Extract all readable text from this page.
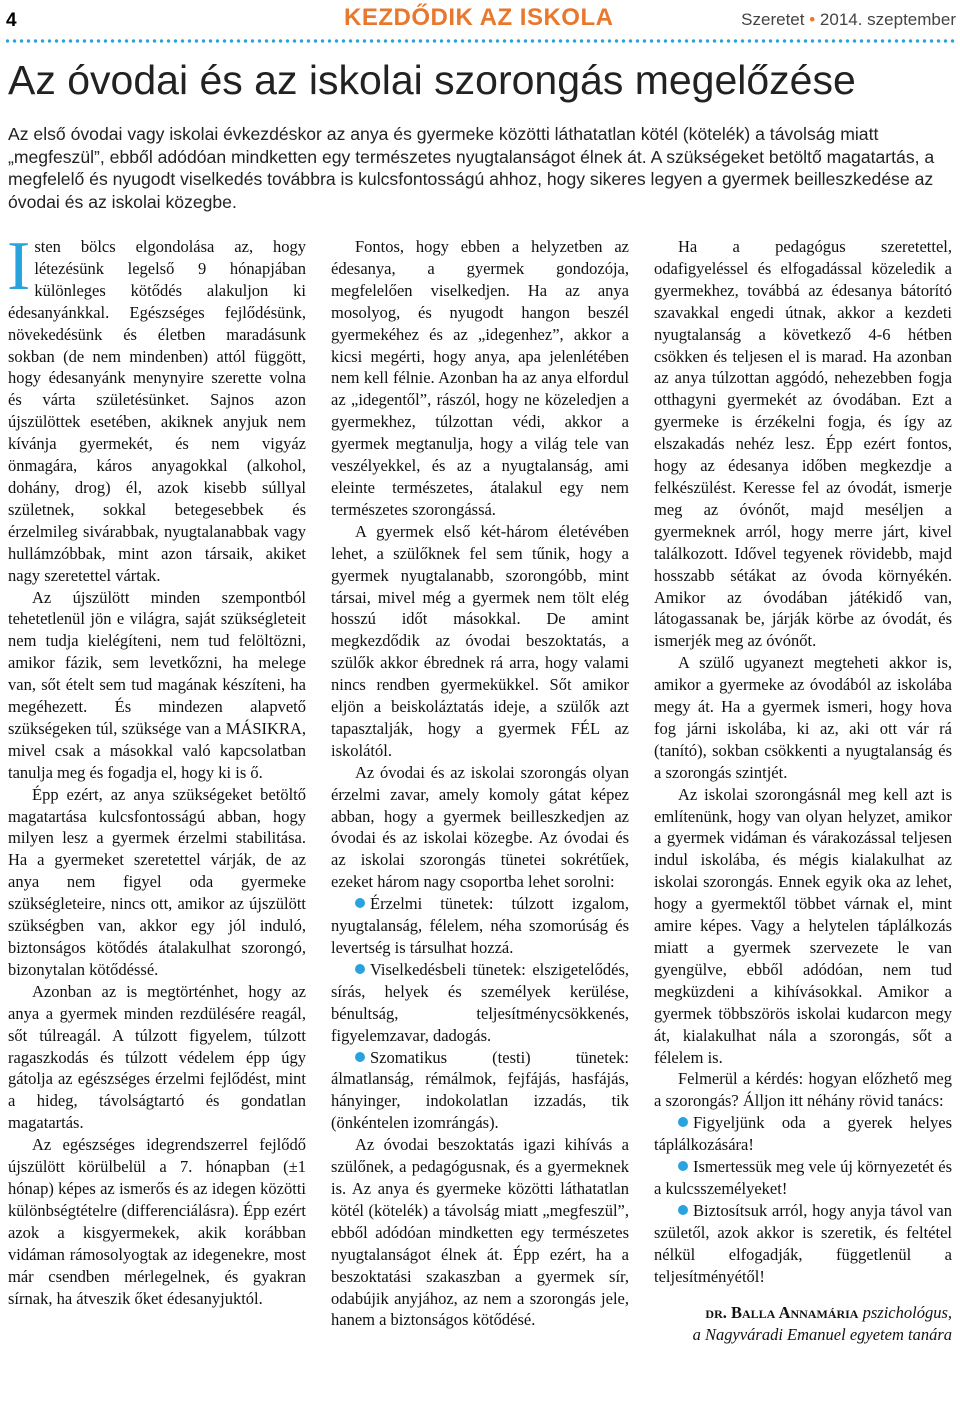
4	KEZDŐDIK AZ ISKOLA	Szeretet • 2014. szeptember
Az óvodai és az iskolai szorongás megelőzése

Az első óvodai vagy iskolai évkezdéskor az anya és gyermeke közötti láthatatlan kötél (kötelék) a távolság miatt „megfeszül”, ebből adódóan mindketten egy természetes nyugtalanságot élnek át. A szükségeket betöltő magatartás, a megfelelő és nyugodt viselkedés továbbra is kulcsfontosságú ahhoz, hogy sikeres legyen a gyermek beilleszkedése az óvodai és az iskolai közegbe.

Isten bölcs elgondolása az, hogy létezésünk legelső 9 hónapjában különleges kötődés alakuljon ki édesanyánkkal. Egészséges fejlődésünk, növekedésünk és életben maradásunk sokban (de nem mindenben) attól függött, hogy édesanyánk menynyire szerette volna és várta születésünket. Sajnos azon újszülöttek esetében, akiknek anyjuk nem kívánja gyermekét, és nem vigyáz önmagára, káros anyagokkal (alkohol, dohány, drog) él, azok kisebb súllyal születnek, sokkal betegesebbek és érzelmileg sivárabbak, nyugtalanabbak vagy hullámzóbbak, mint azon társaik, akiket nagy szeretettel vártak.

Az újszülött minden szempontból tehetetlenül jön e világra, saját szükségleteit nem tudja kielégíteni, nem tud felöltözni, amikor fázik, sem levetkőzni, ha melege van, sőt ételt sem tud magának készíteni, ha megéhezett. És mindezen alapvető szükségeken túl, szüksége van a MÁSIKRA, mivel csak a másokkal való kapcsolatban tanulja meg és fogadja el, hogy ki is ő.

Épp ezért, az anya szükségeket betöltő magatartása kulcsfontosságú abban, hogy milyen lesz a gyermek érzelmi stabilitása. Ha a gyermeket szeretettel várják, de az anya nem figyel oda gyermeke szükségleteire, nincs ott, amikor az újszülött szükségben van, akkor egy jól induló, biztonságos kötődés átalakulhat szorongó, bizonytalan kötődéssé.

Azonban az is megtörténhet, hogy az anya a gyermek minden rezdülésére reagál, sőt túlreagál. A túlzott figyelem, túlzott ragaszkodás és túlzott védelem épp úgy gátolja az egészséges érzelmi fejlődést, mint a hideg, távolságtartó és gondatlan magatartás.

Az egészséges idegrendszerrel fejlődő újszülött körülbelül a 7. hónapban (±1 hónap) képes az ismerős és az idegen közötti különbségtételre (differenciálásra). Épp ezért azok a kisgyermekek, akik korábban vidáman rámosolyogtak az idegenekre, most már csendben mérlegelnek, és gyakran sírnak, ha átveszik őket édesanyjuktól.

Fontos, hogy ebben a helyzetben az édesanya, a gyermek gondozója, megfelelően viselkedjen. Ha az anya mosolyog, és nyugodt hangon beszél gyermekéhez és az „idegenhez”, akkor a kicsi megérti, hogy anya, apa jelenlétében nem kell félnie. Azonban ha az anya elfordul az „idegentől”, rászól, hogy ne közeledjen a gyermekhez, túlzottan védi, akkor a gyermek megtanulja, hogy a világ tele van veszélyekkel, és az a nyugtalanság, ami eleinte természetes, átalakul egy nem természetes szorongássá.

A gyermek első két-három életévében lehet, a szülőknek fel sem tűnik, hogy a gyermek nyugtalanabb, szorongóbb, mint társai, mivel még a gyermek nem tölt elég hosszú időt másokkal. De amint megkezdődik az óvodai beszoktatás, a szülők akkor ébrednek rá arra, hogy valami nincs rendben gyermekükkel. Sőt amikor eljön a beiskoláztatás ideje, a szülők azt tapasztalják, hogy a gyermek FÉL az iskolától.

Az óvodai és az iskolai szorongás olyan érzelmi zavar, amely komoly gátat képez abban, hogy a gyermek beilleszkedjen az óvodai és az iskolai közegbe. Az óvodai és az iskolai szorongás tünetei sokrétűek, ezeket három nagy csoportba lehet sorolni:

Érzelmi tünetek: túlzott izgalom, nyugtalanság, félelem, néha szomorúság és levertség is társulhat hozzá.

Viselkedésbeli tünetek: elszigetelődés, sírás, helyek és személyek kerülése, bénultság, teljesítménycsökkenés, figyelemzavar, dadogás.

Szomatikus (testi) tünetek: álmatlanság, rémálmok, fejfájás, hasfájás, hányinger, indokolatlan izzadás, tik (önkéntelen izomrángás).

Az óvodai beszoktatás igazi kihívás a szülőnek, a pedagógusnak, és a gyermeknek is. Az anya és gyermeke közötti láthatatlan kötél (kötelék) a távolság miatt „megfeszül”, ebből adódóan mindketten egy természetes nyugtalanságot élnek át. Épp ezért, ha a beszoktatási szakaszban a gyermek sír, odabújik anyjához, az nem a szorongás jele, hanem a biztonságos kötődésé.

Ha a pedagógus szeretettel, odafigyeléssel és elfogadással közeledik a gyermekhez, továbbá az édesanya bátorító szavakkal engedi útnak, akkor a kezdeti nyugtalanság a következő 4-6 hétben csökken és teljesen el is marad. Ha azonban az anya túlzottan aggódó, nehezebben fogja otthagyni gyermekét az óvodában. Ezt a gyermeke is érzékelni fogja, és így az elszakadás nehéz lesz. Épp ezért fontos, hogy az édesanya időben megkezdje a felkészülést. Keresse fel az óvodát, ismerje meg az óvónőt, majd meséljen a gyermeknek arról, hogy merre járt, kivel találkozott. Idővel tegyenek rövidebb, majd hosszabb sétákat az óvoda környékén. Amikor az óvodában játékidő van, látogassanak be, járják körbe az óvodát, és ismerjék meg az óvónőt.

A szülő ugyanezt megteheti akkor is, amikor a gyermeke az óvodából az iskolába megy át. Ha a gyermek ismeri, hogy hova fog járni iskolába, ki az, aki ott vár rá (tanító), sokban csökkenti a nyugtalanság és a szorongás szintjét.

Az iskolai szorongásnál meg kell azt is említenünk, hogy van olyan helyzet, amikor a gyermek vidáman és várakozással teljesen indul iskolába, és mégis kialakulhat az iskolai szorongás. Ennek egyik oka az lehet, hogy a gyermektől többet várnak el, mint amire képes. Vagy a helytelen táplálkozás miatt a gyermek szervezete le van gyengülve, ebből adódóan, nem tud megküzdeni a kihívásokkal. Amikor a gyermek többszörös iskolai kudarcon megy át, kialakulhat nála a szorongás, sőt a félelem is.

Felmerül a kérdés: hogyan előzhető meg a szorongás? Álljon itt néhány rövid tanács:

Figyeljünk oda a gyerek helyes táplálkozására!

Ismertessük meg vele új környezetét és a kulcsszemélyeket!

Biztosítsuk arról, hogy anyja távol van születől, azok akkor is szeretik, és feltétel nélkül elfogadják, függetlenül a teljesítményétől!

dr. Balla Annamária pszichológus,
a Nagyváradi Emanuel egyetem tanára
